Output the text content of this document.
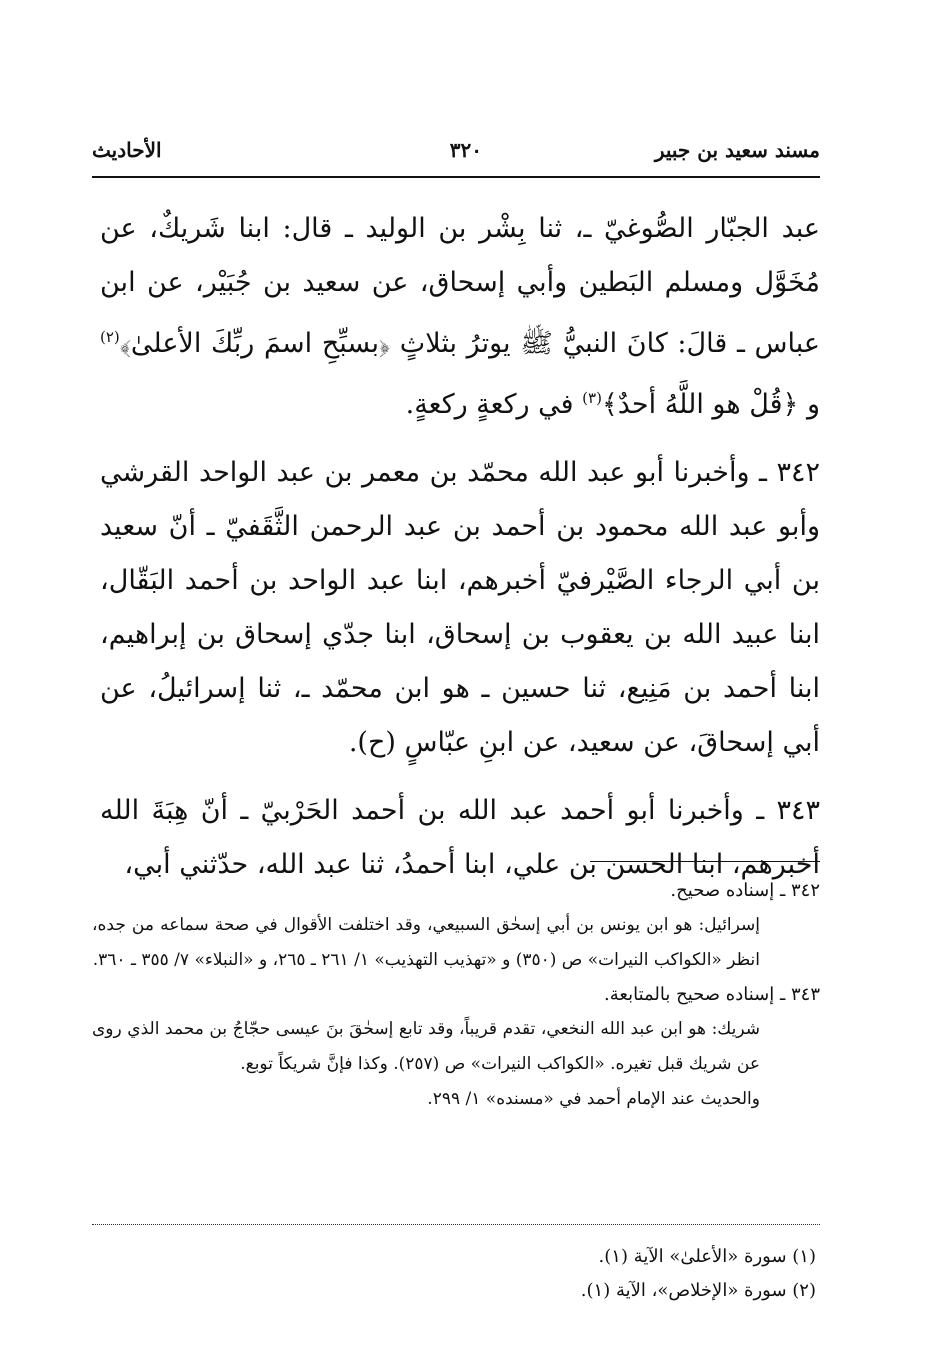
مسند سعيد بن جبير
٣٢٠
الأحاديث

عبد الجبّار الصُّوغيّ ـ، ثنا بِشْر بن الوليد ـ قال: ابنا شَريكٌ، عن مُخَوَّل ومسلم البَطين وأبي إسحاق، عن سعيد بن جُبَيْر، عن ابن عباس ـ قالَ: كانَ النبيُّ ﷺ يوترُ بثلاثٍ ﴿بسبِّحِ اسمَ ربِّكَ الأعلىٰ﴾$^{(٢)}$ و ﴿قُلْ هو اللَّهُ أحدٌ﴾$^{(٣)}$ في ركعةٍ ركعةٍ.

٣٤٢ ـ وأخبرنا أبو عبد الله محمّد بن معمر بن عبد الواحد القرشي وأبو عبد الله محمود بن أحمد بن عبد الرحمن الثَّقَفيّ ـ أنّ سعيد بن أبي الرجاء الصَّيْرفيّ أخبرهم، ابنا عبد الواحد بن أحمد البَقّال، ابنا عبيد الله بن يعقوب بن إسحاق، ابنا جدّي إسحاق بن إبراهيم، ابنا أحمد بن مَنِيع، ثنا حسين ـ هو ابن محمّد ـ، ثنا إسرائيلُ، عن أبي إسحاقَ، عن سعيد، عن ابنِ عبّاسٍ (ح).

٣٤٣ ـ وأخبرنا أبو أحمد عبد الله بن أحمد الحَرْبيّ ـ أنّ هِبَةَ الله أخبرهم، ابنا الحسن بن علي، ابنا أحمدُ، ثنا عبد الله، حدّثني أبي،

٣٤٢ ـ إسناده صحيح.

إسرائيل: هو ابن يونس بن أبي إسحٰق السبيعي، وقد اختلفت الأقوال في صحة سماعه من جده، انظر «الكواكب النيرات» ص (٣٥٠) و «تهذيب التهذيب» ١/ ٢٦١ ـ ٢٦٥، و «النبلاء» ٧/ ٣٥٥ ـ ٣٦٠.

٣٤٣ ـ إسناده صحيح بالمتابعة.

شريك: هو ابن عبد الله النخعي، تقدم قريباً، وقد تابع إسحٰقَ بنَ عيسى حجّاجُ بن محمد الذي روى عن شريك قبل تغيره. «الكواكب النيرات» ص (٢٥٧). وكذا فإنَّ شريكاً توبع.

والحديث عند الإمام أحمد في «مسنده» ١/ ٢٩٩.

(١) سورة «الأعلىٰ» الآية (١).

(٢) سورة «الإخلاص»، الآية (١).
